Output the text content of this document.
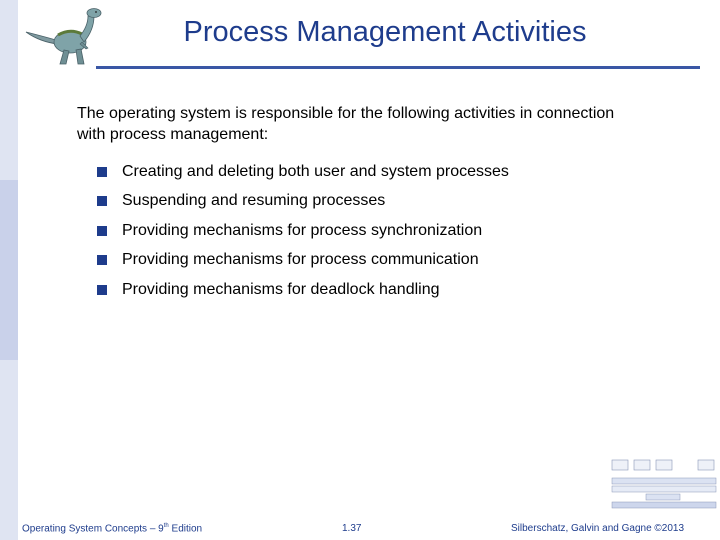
Process Management Activities
The operating system is responsible for the following activities in connection with process management:
Creating and deleting both user and system processes
Suspending and resuming processes
Providing mechanisms for process synchronization
Providing mechanisms for process communication
Providing mechanisms for deadlock handling
Operating System Concepts – 9th Edition	1.37	Silberschatz, Galvin and Gagne ©2013
